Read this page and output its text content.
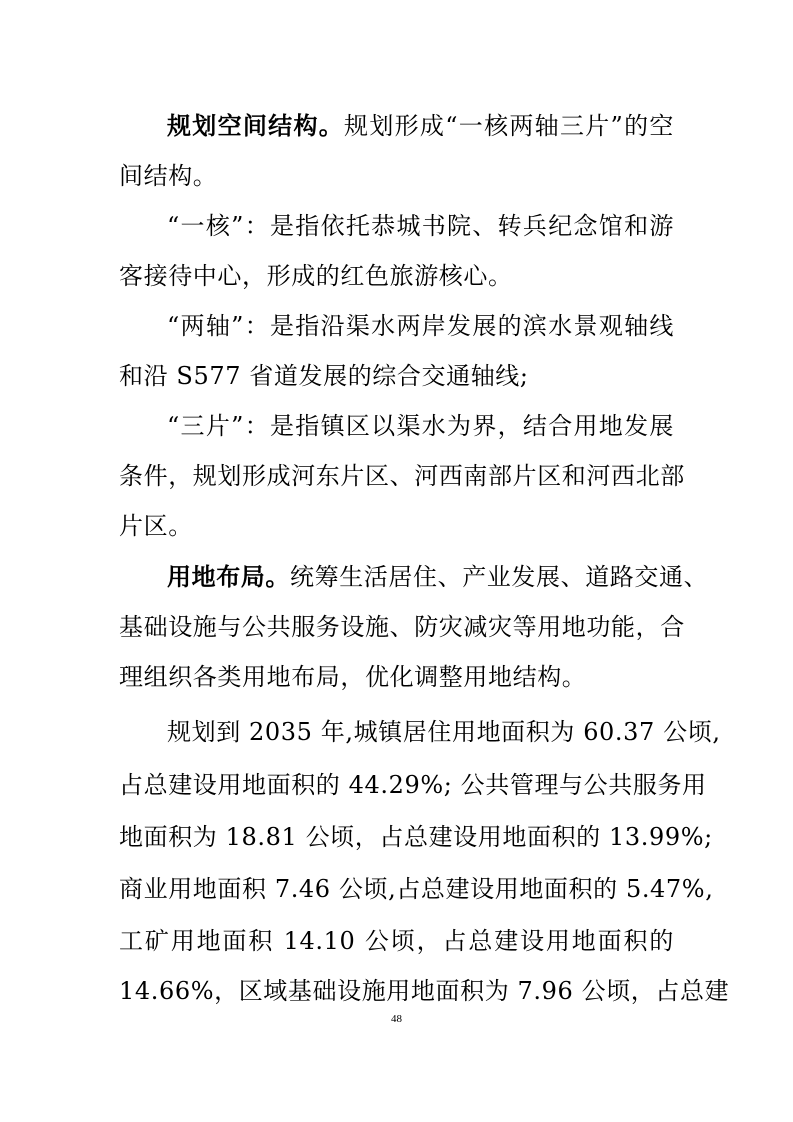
规划空间结构。规划形成“一核两轴三片”的空
间结构。
“一核”：是指依托恭城书院、转兵纪念馆和游
客接待中心，形成的红色旅游核心。
“两轴”：是指沿渠水两岸发展的滨水景观轴线
和沿 S577 省道发展的综合交通轴线;
“三片”：是指镇区以渠水为界，结合用地发展
条件，规划形成河东片区、河西南部片区和河西北部
片区。
用地布局。统筹生活居住、产业发展、道路交通、
基础设施与公共服务设施、防灾减灾等用地功能，合
理组织各类用地布局，优化调整用地结构。
规划到 2035 年,城镇居住用地面积为 60.37 公顷,
占总建设用地面积的 44.29%; 公共管理与公共服务用
地面积为 18.81 公顷，占总建设用地面积的 13.99%;
商业用地面积 7.46 公顷,占总建设用地面积的 5.47%,
工矿用地面积 14.10 公顷，占总建设用地面积的
14.66%，区域基础设施用地面积为 7.96 公顷，占总建
48
